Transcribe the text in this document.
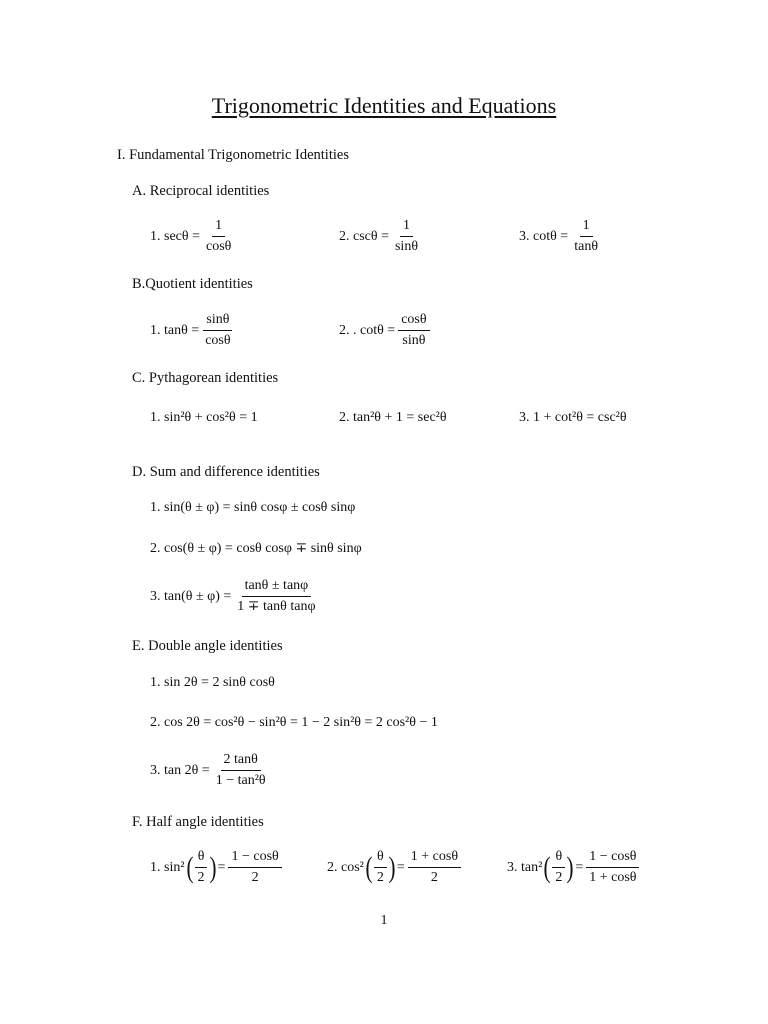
Trigonometric Identities and Equations
I. Fundamental Trigonometric Identities
A. Reciprocal identities
1. $\sec\theta = \frac{1}{\cos\theta}$	2. $\csc\theta = \frac{1}{\sin\theta}$	3. $\cot\theta = \frac{1}{\tan\theta}$
B.Quotient identities
1. $\tan\theta = \frac{\sin\theta}{\cos\theta}$	2. . $\cot\theta = \frac{\cos\theta}{\sin\theta}$
C. Pythagorean identities
1. sin²θ + cos²θ = 1	2. tan²θ + 1 = sec²θ	3. 1 + cot²θ = csc²θ
D. Sum and difference identities
1. sin(θ ± φ) = sinθ cosφ ± cosθ sinφ
2. cos(θ ± φ) = cosθ cosφ ∓ sinθ sinφ
3. $\tan(\theta \pm \varphi) = \frac{\tan\theta \pm \tan\varphi}{\text{1 ∓ tanθ tanφ}}$
E. Double angle identities
1. sin 2θ = 2 sinθ cosθ
2. cos 2θ = cos²θ − sin²θ = 1 − 2 sin²θ = 2 cos²θ − 1
3. $\tan 2\theta = \frac{2 \tan\theta}{\text{1 − tan²θ}}$
F. Half angle identities
1. sin² ( $\frac{\theta}{2}$ ) = $\frac{1 - \cos\theta}{2}$	2. cos² ( $\frac{\theta}{2}$ ) = $\frac{1 + \cos\theta}{2}$	3. tan² ( $\frac{\theta}{2}$ ) = $\frac{1 - \cos\theta}{1 + \cos\theta}$
1
